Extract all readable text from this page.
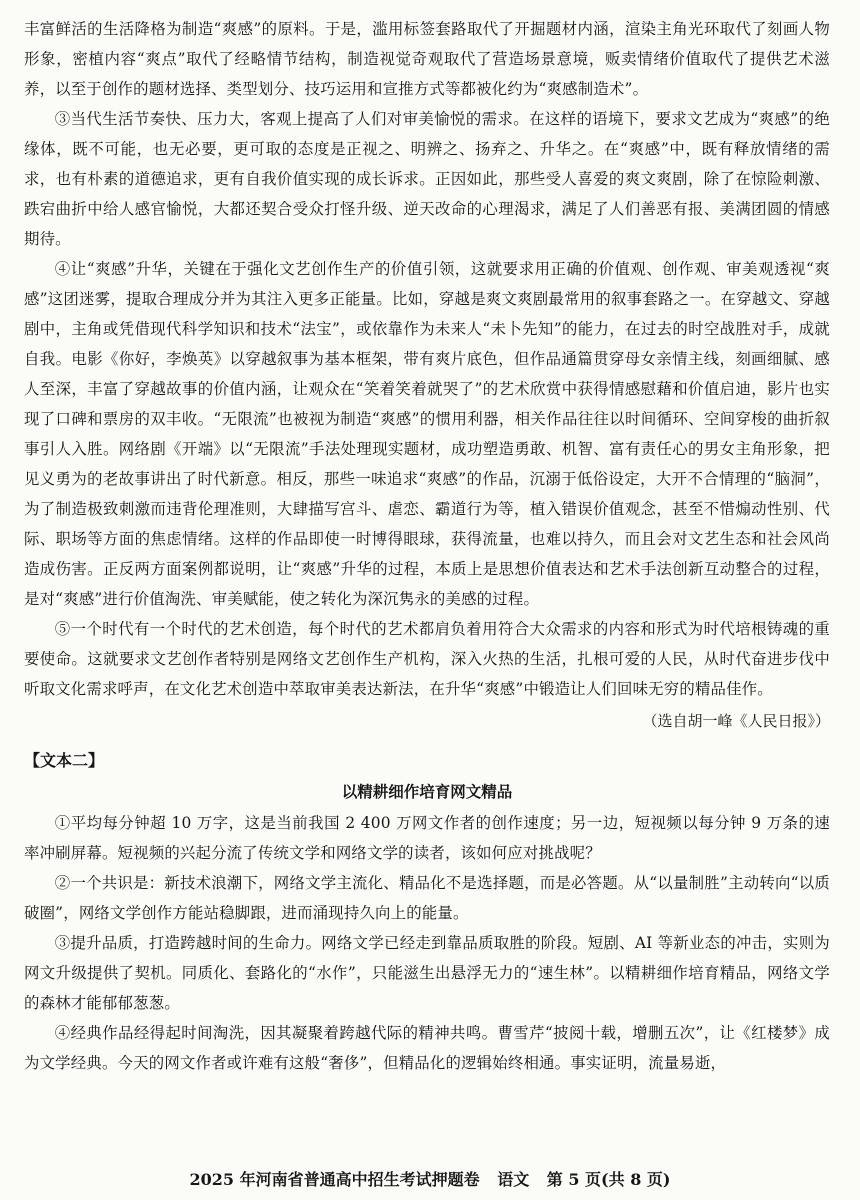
丰富鲜活的生活降格为制造“爽感”的原料。于是，滥用标签套路取代了开掘题材内涵，渲染主角光环取代了刻画人物形象，密植内容“爽点”取代了经略情节结构，制造视觉奇观取代了营造场景意境，贩卖情绪价值取代了提供艺术滋养，以至于创作的题材选择、类型划分、技巧运用和宣推方式等都被化约为“爽感制造术”。

③当代生活节奏快、压力大，客观上提高了人们对审美愉悦的需求。在这样的语境下，要求文艺成为“爽感”的绝缘体，既不可能，也无必要，更可取的态度是正视之、明辨之、扬弃之、升华之。在“爽感”中，既有释放情绪的需求，也有朴素的道德追求，更有自我价值实现的成长诉求。正因如此，那些受人喜爱的爽文爽剧，除了在惊险刺激、跌宕曲折中给人感官愉悦，大都还契合受众打怪升级、逆天改命的心理渴求，满足了人们善恶有报、美满团圆的情感期待。

④让“爽感”升华，关键在于强化文艺创作生产的价值引领，这就要求用正确的价值观、创作观、审美观透视“爽感”这团迷雾，提取合理成分并为其注入更多正能量。比如，穿越是爽文爽剧最常用的叙事套路之一。在穿越文、穿越剧中，主角或凭借现代科学知识和技术“法宝”，或依靠作为未来人“未卜先知”的能力，在过去的时空战胜对手，成就自我。电影《你好，李焕英》以穿越叙事为基本框架，带有爽片底色，但作品通篇贯穿母女亲情主线，刻画细腻、感人至深，丰富了穿越故事的价值内涵，让观众在“笑着笑着就哭了”的艺术欣赏中获得情感慰藉和价值启迪，影片也实现了口碑和票房的双丰收。“无限流”也被视为制造“爽感”的惯用利器，相关作品往往以时间循环、空间穿梭的曲折叙事引人入胜。网络剧《开端》以“无限流”手法处理现实题材，成功塑造勇敢、机智、富有责任心的男女主角形象，把见义勇为的老故事讲出了时代新意。相反，那些一味追求“爽感”的作品，沉溺于低俗设定，大开不合情理的“脑洞”，为了制造极致刺激而违背伦理准则，大肆描写宫斗、虐恋、霸道行为等，植入错误价值观念，甚至不惜煽动性别、代际、职场等方面的焦虑情绪。这样的作品即使一时博得眼球，获得流量，也难以持久，而且会对文艺生态和社会风尚造成伤害。正反两方面案例都说明，让“爽感”升华的过程，本质上是思想价值表达和艺术手法创新互动整合的过程，是对“爽感”进行价值淘洗、审美赋能，使之转化为深沉隽永的美感的过程。

⑤一个时代有一个时代的艺术创造，每个时代的艺术都肩负着用符合大众需求的内容和形式为时代培根铸魂的重要使命。这就要求文艺创作者特别是网络文艺创作生产机构，深入火热的生活，扎根可爱的人民，从时代奋进步伐中听取文化需求呼声，在文化艺术创造中萃取审美表达新法，在升华“爽感”中锻造让人们回味无穷的精品佳作。

（选自胡一峰《人民日报》）

【文本二】

以精耕细作培育网文精品

①平均每分钟超 10 万字，这是当前我国 2 400 万网文作者的创作速度；另一边，短视频以每分钟 9 万条的速率冲刷屏幕。短视频的兴起分流了传统文学和网络文学的读者，该如何应对挑战呢？

②一个共识是：新技术浪潮下，网络文学主流化、精品化不是选择题，而是必答题。从“以量制胜”主动转向“以质破圈”，网络文学创作方能站稳脚跟，进而涌现持久向上的能量。

③提升品质，打造跨越时间的生命力。网络文学已经走到靠品质取胜的阶段。短剧、AI 等新业态的冲击，实则为网文升级提供了契机。同质化、套路化的“水作”，只能滋生出悬浮无力的“速生林”。以精耕细作培育精品，网络文学的森林才能郁郁葱葱。

④经典作品经得起时间淘洗，因其凝聚着跨越代际的精神共鸣。曹雪芹“披阅十载，增删五次”，让《红楼梦》成为文学经典。今天的网文作者或许难有这般“奢侈”，但精品化的逻辑始终相通。事实证明，流量易逝，

2025 年河南省普通高中招生考试押题卷 语文 第 5 页(共 8 页)
